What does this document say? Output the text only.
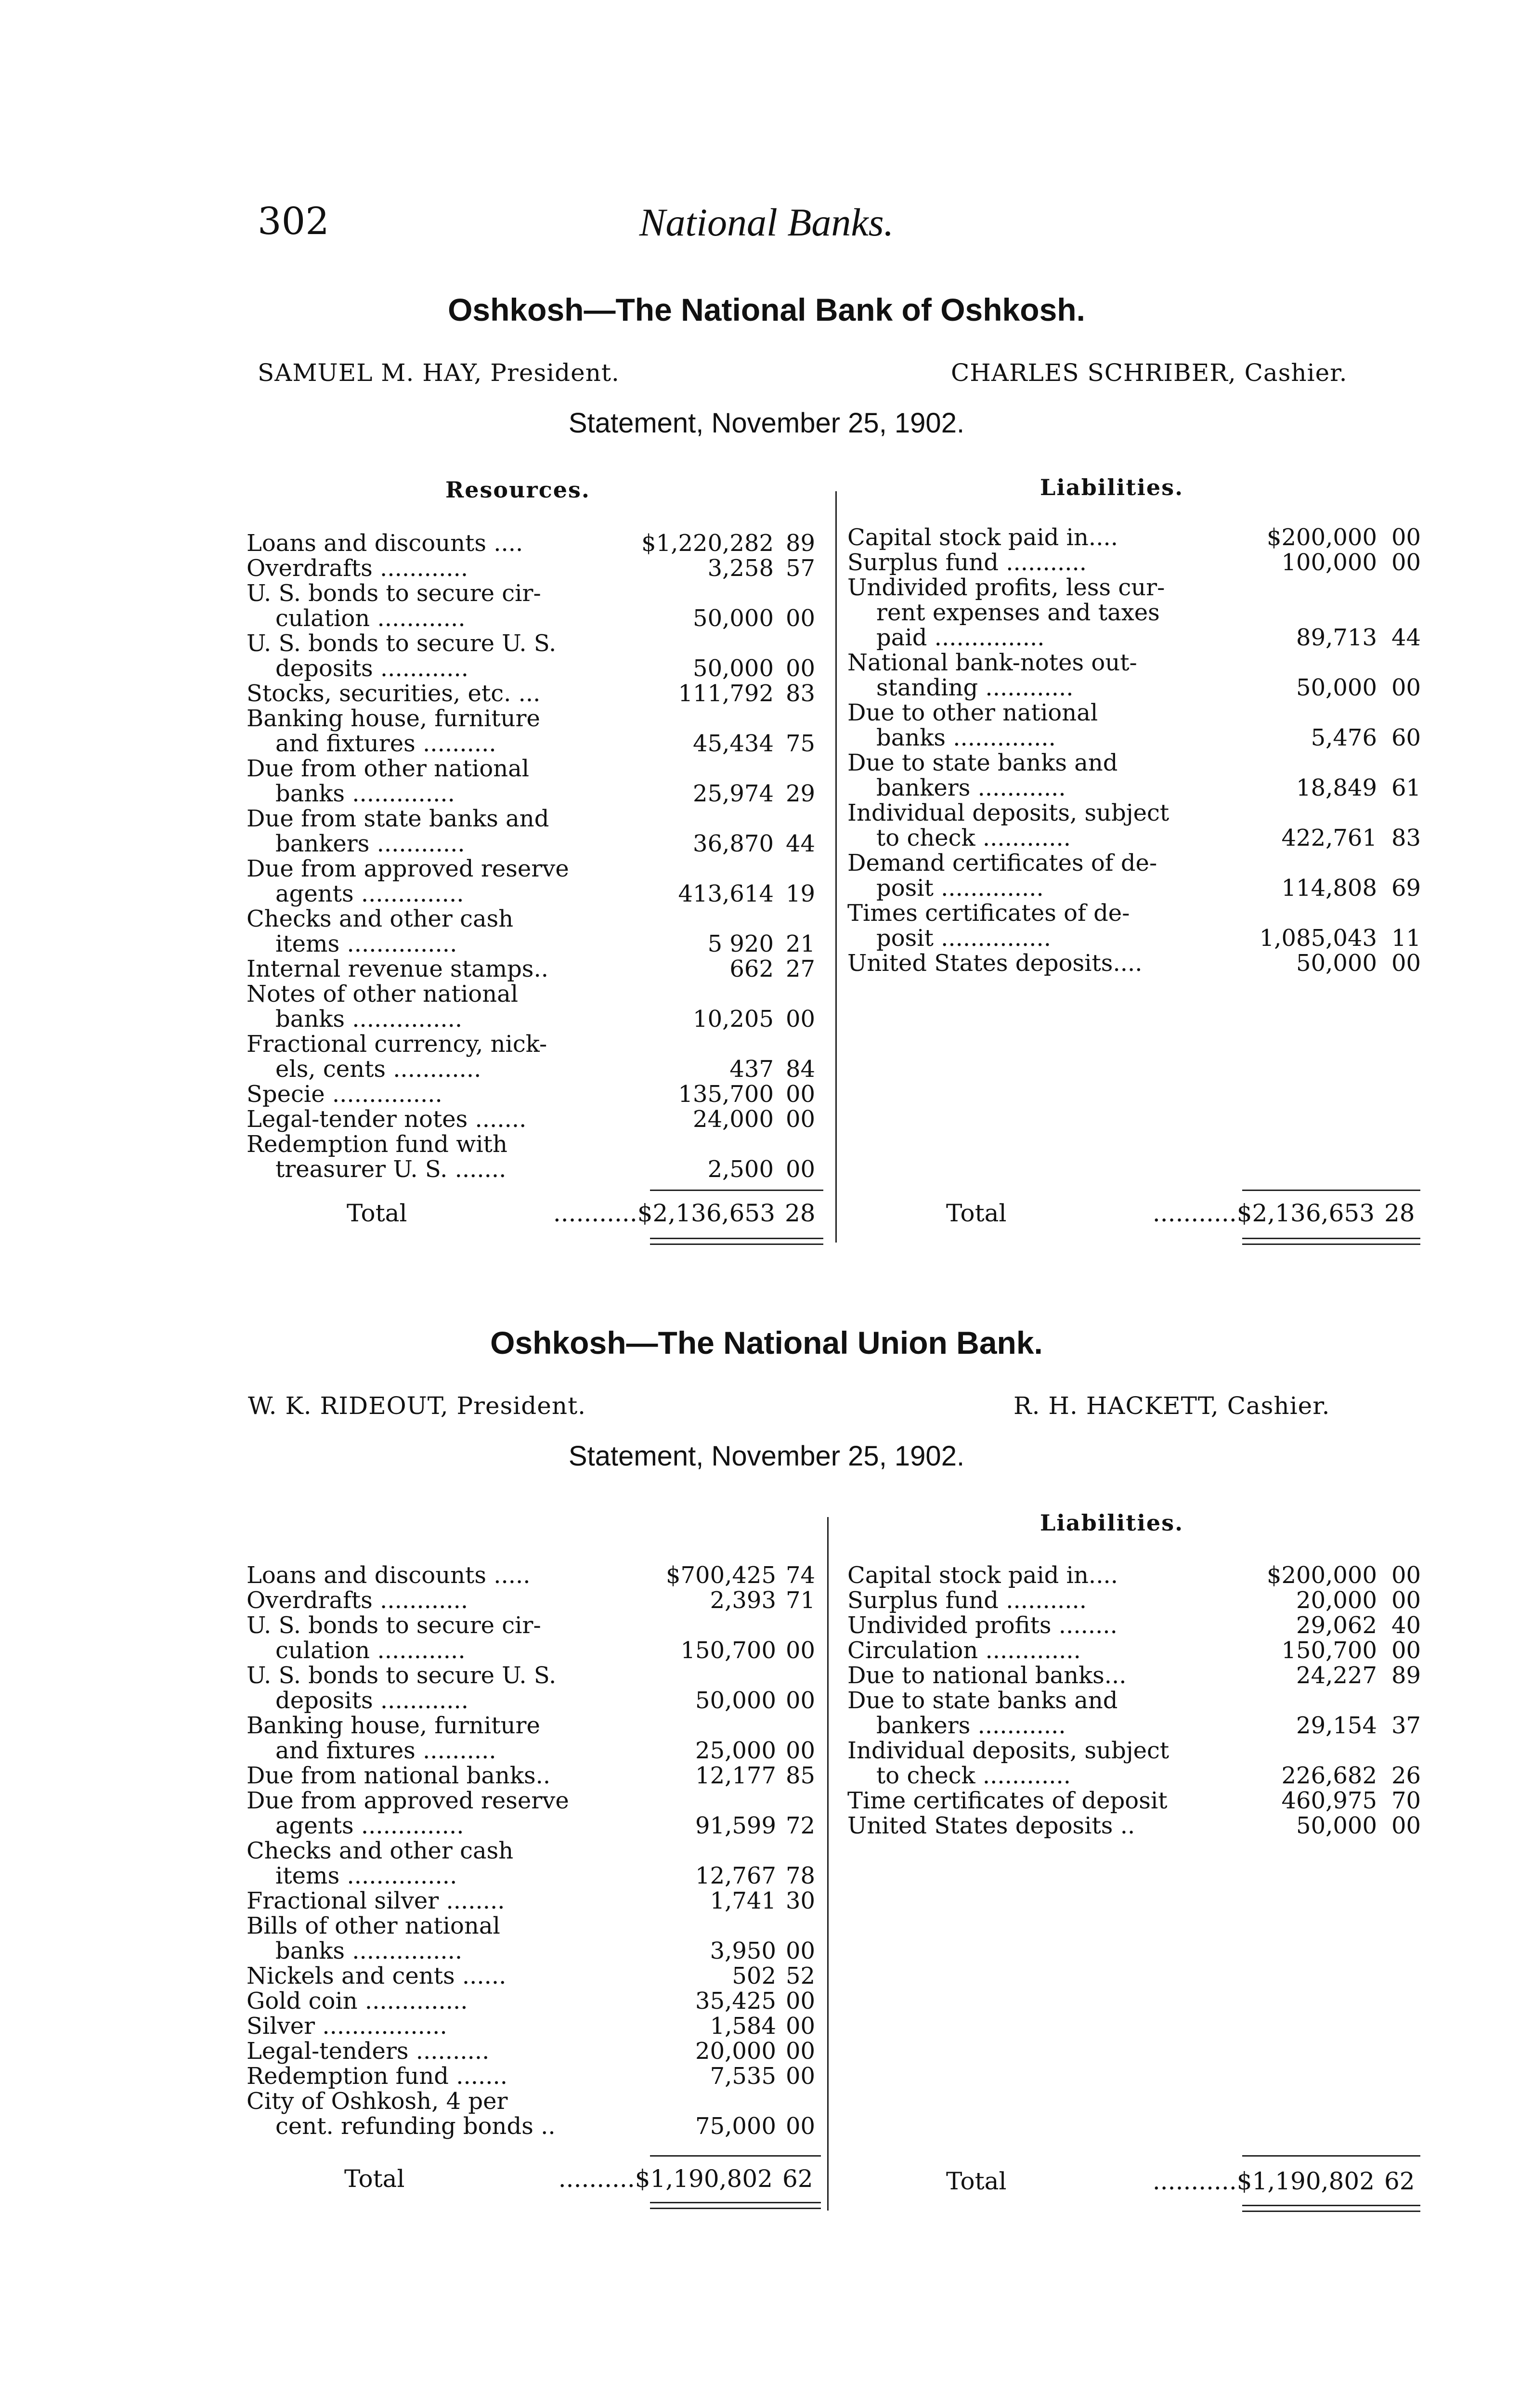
302	National Banks.
Oshkosh—The National Bank of Oshkosh.
SAMUEL M. HAY, President.	CHARLES SCHRIBER, Cashier.
Statement, November 25, 1902.
Resources.	Liabilities.
Loans and discounts ....	$1,220,282 89
Overdrafts ............	3,258 57
U. S. bonds to secure cir-
culation ............	50,000 00
U. S. bonds to secure U. S.
deposits ............	50,000 00
Stocks, securities, etc. ...	111,792 83
Banking house, furniture
and fixtures ..........	45,434 75
Due from other national
banks ..............	25,974 29
Due from state banks and
bankers ............	36,870 44
Due from approved reserve
agents ..............	413,614 19
Checks and other cash
items ...............	5 920 21
Internal revenue stamps..	662 27
Notes of other national
banks ...............	10,205 00
Fractional currency, nick-
els, cents ............	437 84
Specie ...............	135,700 00
Legal-tender notes .......	24,000 00
Redemption fund with
treasurer U. S. .......	2,500 00
Capital stock paid in....	$200,000 00
Surplus fund ...........	100,000 00
Undivided profits, less cur-
rent expenses and taxes
paid ...............	89,713 44
National bank-notes out-
standing ............	50,000 00
Due to other national
banks ..............	5,476 60
Due to state banks and
bankers ............	18,849 61
Individual deposits, subject
to check ............	422,761 83
Demand certificates of de-
posit ..............	114,808 69
Times certificates of de-
posit ...............	1,085,043 11
United States deposits....	50,000 00
Total	...........$2,136,653 28	Total	...........$2,136,653 28
Oshkosh—The National Union Bank.
W. K. RIDEOUT, President.	R. H. HACKETT, Cashier.
Statement, November 25, 1902.
Liabilities.
Loans and discounts .....	$700,425 74
Overdrafts ............	2,393 71
U. S. bonds to secure cir-
culation ............	150,700 00
U. S. bonds to secure U. S.
deposits ............	50,000 00
Banking house, furniture
and fixtures ..........	25,000 00
Due from national banks..	12,177 85
Due from approved reserve
agents ..............	91,599 72
Checks and other cash
items ...............	12,767 78
Fractional silver ........	1,741 30
Bills of other national
banks ...............	3,950 00
Nickels and cents ......	502 52
Gold coin ..............	35,425 00
Silver .................	1,584 00
Legal-tenders ..........	20,000 00
Redemption fund .......	7,535 00
City of Oshkosh, 4 per
cent. refunding bonds ..	75,000 00
Capital stock paid in....	$200,000 00
Surplus fund ...........	20,000 00
Undivided profits ........	29,062 40
Circulation .............	150,700 00
Due to national banks...	24,227 89
Due to state banks and
bankers ............	29,154 37
Individual deposits, subject
to check ............	226,682 26
Time certificates of deposit	460,975 70
United States deposits ..	50,000 00
Total	..........$1,190,802 62	Total	...........$1,190,802 62
